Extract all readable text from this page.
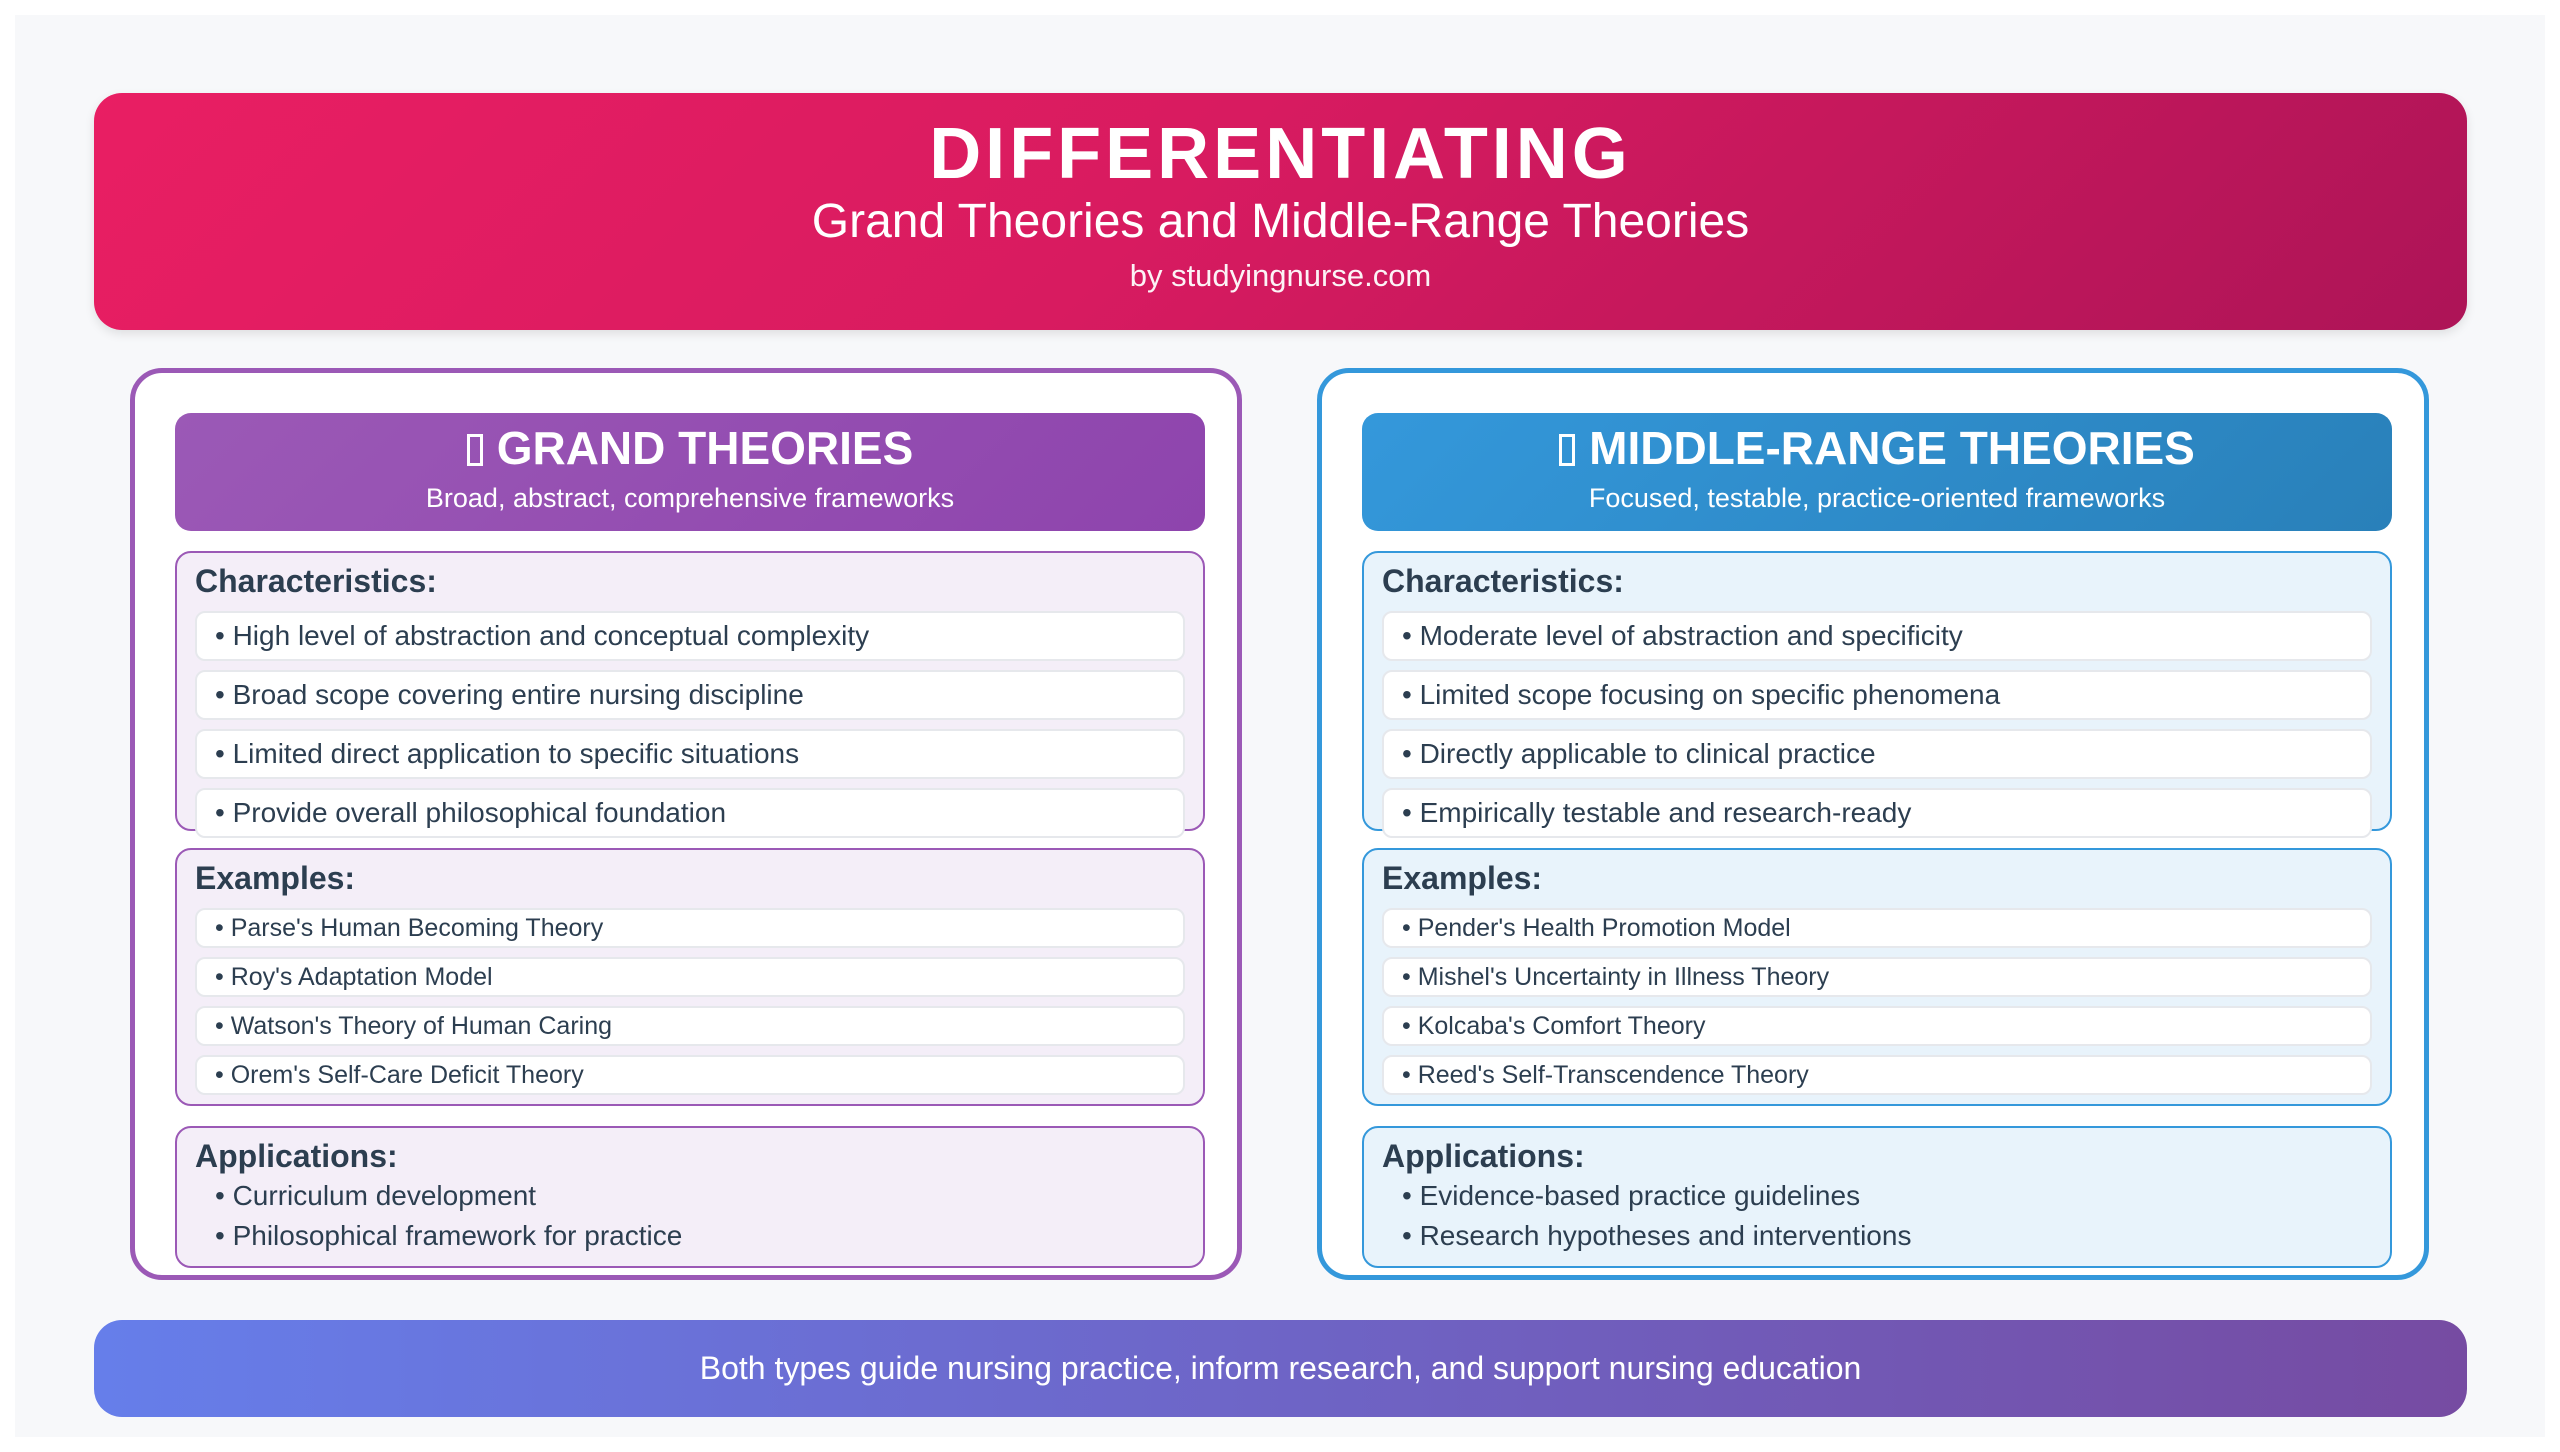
DIFFERENTIATING
Grand Theories and Middle-Range Theories
by studyingnurse.com
GRAND THEORIES
Broad, abstract, comprehensive frameworks
Characteristics:
• High level of abstraction and conceptual complexity
• Broad scope covering entire nursing discipline
• Limited direct application to specific situations
• Provide overall philosophical foundation
Examples:
• Parse's Human Becoming Theory
• Roy's Adaptation Model
• Watson's Theory of Human Caring
• Orem's Self-Care Deficit Theory
Applications:
• Curriculum development
• Philosophical framework for practice
MIDDLE-RANGE THEORIES
Focused, testable, practice-oriented frameworks
Characteristics:
• Moderate level of abstraction and specificity
• Limited scope focusing on specific phenomena
• Directly applicable to clinical practice
• Empirically testable and research-ready
Examples:
• Pender's Health Promotion Model
• Mishel's Uncertainty in Illness Theory
• Kolcaba's Comfort Theory
• Reed's Self-Transcendence Theory
Applications:
• Evidence-based practice guidelines
• Research hypotheses and interventions
Both types guide nursing practice, inform research, and support nursing education
